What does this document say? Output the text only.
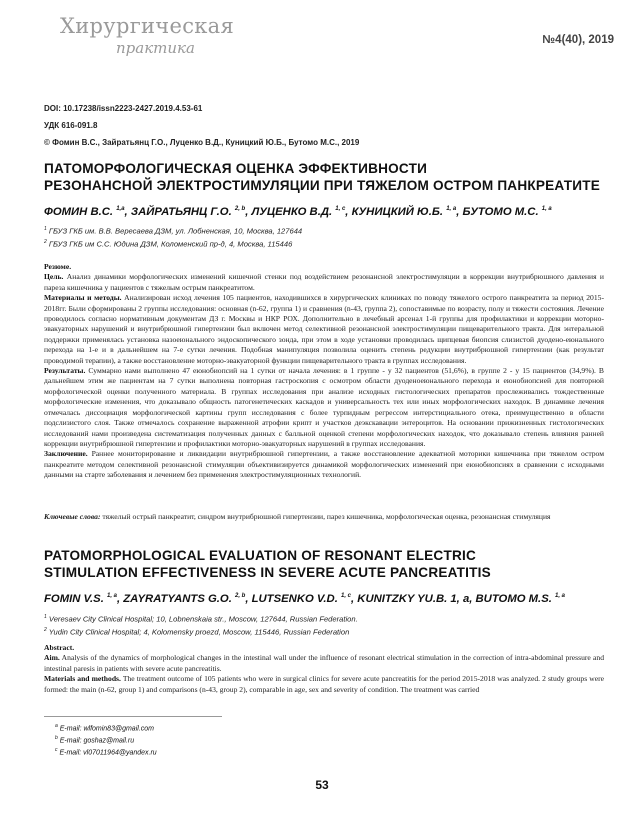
Хирургическая
практика	№4(40), 2019
DOI: 10.17238/issn2223-2427.2019.4.53-61
УДК 616-091.8
© Фомин В.С., Зайратьянц Г.О., Луценко В.Д., Куницкий Ю.Б., Бутомо М.С., 2019
ПАТОМОРФОЛОГИЧЕСКАЯ ОЦЕНКА ЭФФЕКТИВНОСТИ
РЕЗОНАНСНОЙ ЭЛЕКТРОСТИМУЛЯЦИИ ПРИ ТЯЖЕЛОМ ОСТРОМ ПАНКРЕАТИТЕ
ФОМИН В.С. $^{1,a}$, ЗАЙРАТЬЯНЦ Г.О. $^{2, b}$, ЛУЦЕНКО В.Д. $^{1, c}$, КУНИЦКИЙ Ю.Б. $^{1, a}$, БУТОМО М.С. $^{1, a}$
$^1$ ГБУЗ ГКБ им. В.В. Вересаева ДЗМ, ул. Лобненская, 10, Москва, 127644
$^2$ ГБУЗ ГКБ им С.С. Юдина ДЗМ, Коломенский пр-д, 4, Москва, 115446

Резюме.

Цель. Анализ динамики морфологических изменений кишечной стенки под воздействием резонансной электростимуляции в коррекции внутрибрюшного давления и пареза кишечника у пациентов с тяжелым острым панкреатитом.

Материалы и методы. Анализирован исход лечения 105 пациентов, находившихся в хирургических клиниках по поводу тяжелого острого панкреатита за период 2015-2018гг. Были сформированы 2 группы исследования: основная (n-62, группа 1) и сравнения (n-43, группа 2), сопоставимые по возрасту, полу и тяжести состояния. Лечение проводилось согласно нормативным документам ДЗ г. Москвы и НКР РОХ. Дополнительно в лечебный арсенал 1-й группы для профилактики и коррекции моторно-эвакуаторных нарушений и внутрибрюшной гипертензии был включен метод селективной резонансной электростимуляции пищеварительного тракта. Для энтеральной поддержки применялась установка назоеюнального эндоскопического зонда, при этом в ходе установки проводилась щипцевая биопсия слизистой дуодено-еюнального перехода на 1-е и в дальнейшем на 7-е сутки лечения. Подобная манипуляция позволила оценить степень редукции внутрибрюшной гипертензии (как результат проводимой терапии), а также восстановление моторно-эвакуаторной функции пищеварительного тракта в группах исследования.

Результаты. Суммарно нами выполнено 47 еюнобиопсий на 1 сутки от начала лечения: в 1 группе - у 32 пациентов (51,6%), в группе 2 - у 15 пациентов (34,9%). В дальнейшем этим же пациентам на 7 сутки выполнена повторная гастроскопия с осмотром области дуоденоеюнального перехода и еюнобиопсией для повторной морфологической оценки полученного материала. В группах исследования при анализе исходных гистологических препаратов прослеживались тождественные морфологические изменения, что доказывало общность патогенетических каскадов и универсальность тех или иных морфологических находок. В динамике лечения отмечалась диссоциация морфологической картины групп исследования с более турпидным регрессом интерстициального отека, преимущественно в области подслизистого слоя. Также отмечалось сохранение выраженной атрофии крипт и участков деэкскавации энтероцитов. На основании прижизненных гистологических исследований нами произведена систематизация полученных данных с балльной оценкой степени морфологических находок, что доказывало степень влияния ранней коррекции внутрибрюшной гипертензии и профилактики моторно-эвакуаторных нарушений в группах исследования.

Заключение. Раннее мониторирование и ликвидации внутрибрюшной гипертензии, а также восстановление адекватной моторики кишечника при тяжелом остром панкреатите методом селективной резонансной стимуляции объективизируется динамикой морфологических изменений при еюнобиопсиях в сравнении с исходными данными на старте заболевания и лечением без применения электростимуляционных технологий.

Ключевые слова: тяжелый острый панкреатит, синдром внутрибрюшной гипертензии, парез кишечника, морфологическая оценка, резонансная стимуляция
PATOMORPHOLOGICAL EVALUATION OF RESONANT ELECTRIC
STIMULATION EFFECTIVENESS IN SEVERE ACUTE PANCREATITIS
FOMIN V.S. $^{1, a}$, ZAYRATYANTS G.O. $^{2, b}$, LUTSENKO V.D. $^{1, c}$, KUNITZKY YU.B. 1, a, BUTOMO M.S. $^{1, a}$
$^1$ Veresaev City Clinical Hospital; 10, Lobnenskaia str., Moscow, 127644, Russian Federation.
$^2$ Yudin City Clinical Hospital; 4, Kolomensky proezd, Moscow, 115446, Russian Federation

Abstract.

Aim. Analysis of the dynamics of morphological changes in the intestinal wall under the influence of resonant electrical stimulation in the correction of intra-abdominal pressure and intestinal paresis in patients with severe acute pancreatitis.

Materials and methods. The treatment outcome of 105 patients who were in surgical clinics for severe acute pancreatitis for the period 2015-2018 was analyzed. 2 study groups were formed: the main (n-62, group 1) and comparisons (n-43, group 2), comparable in age, sex and severity of condition. The treatment was carried

$^a$ E-mail: wlfomin83@gmail.com
$^b$ E-mail: goshaz@mail.ru
$^c$ E-mail: vl07011964@yandex.ru
53
